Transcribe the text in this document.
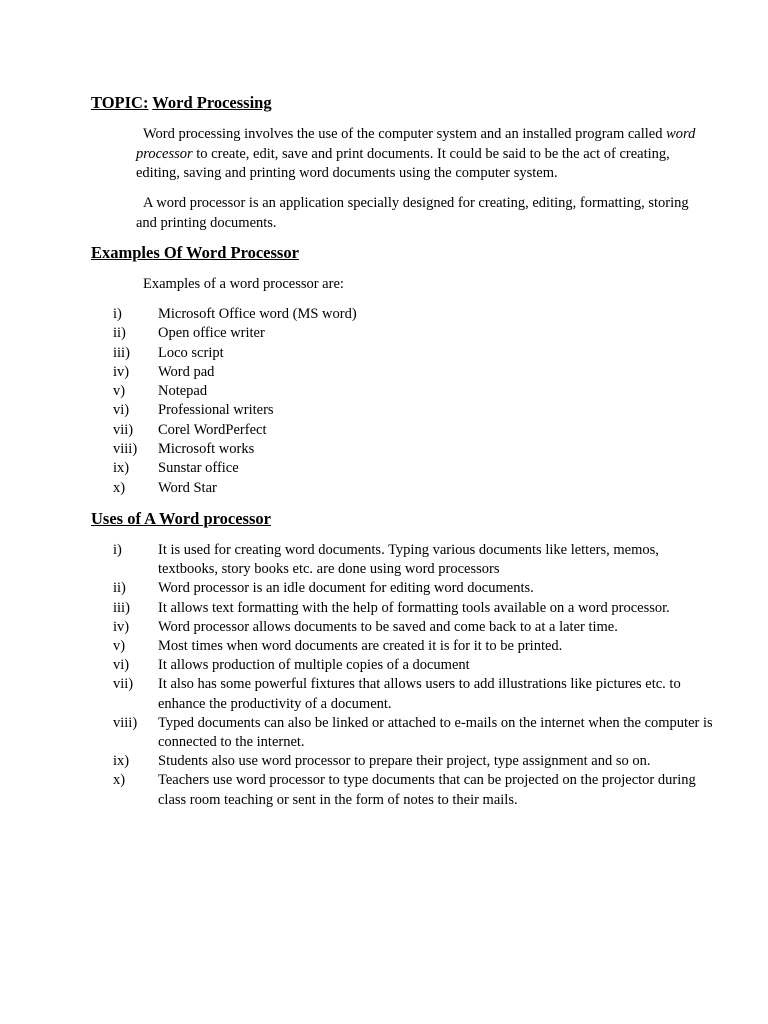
TOPIC: Word Processing

Word processing involves the use of the computer system and an installed program called word processor to create, edit, save and print documents. It could be said to be the act of creating, editing, saving and printing word documents using the computer system.

A word processor is an application specially designed for creating, editing, formatting, storing and printing documents.

Examples Of Word Processor

Examples of a word processor are:

i) Microsoft Office word (MS word)
ii) Open office writer
iii) Loco script
iv) Word pad
v) Notepad
vi) Professional writers
vii) Corel WordPerfect
viii) Microsoft works
ix) Sunstar office
x) Word Star
Uses of A Word processor
i) It is used for creating word documents. Typing various documents like letters, memos, textbooks, story books etc. are done using word processors
ii) Word processor is an idle document for editing word documents.
iii) It allows text formatting with the help of formatting tools available on a word processor.
iv) Word processor allows documents to be saved and come back to at a later time.
v) Most times when word documents are created it is for it to be printed.
vi) It allows production of multiple copies of a document
vii) It also has some powerful fixtures that allows users to add illustrations like pictures etc. to enhance the productivity of a document.
viii) Typed documents can also be linked or attached to e-mails on the internet when the computer is connected to the internet.
ix) Students also use word processor to prepare their project, type assignment and so on.
x) Teachers use word processor to type documents that can be projected on the projector during class room teaching or sent in the form of notes to their mails.
